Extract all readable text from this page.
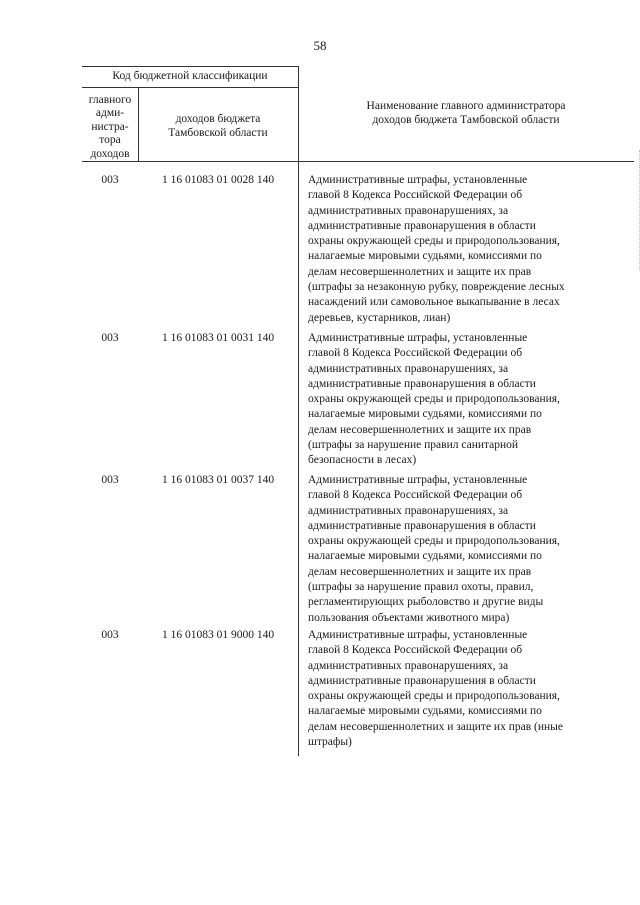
58
Код бюджетной классификации
главного
адми-
нистра-
тора
доходов
доходов бюджета
Тамбовской области
Наименование главного администратора
доходов бюджета Тамбовской области
003	1 16 01083 01 0028 140	Административные штрафы, установленные
главой 8 Кодекса Российской Федерации об
административных правонарушениях, за
административные правонарушения в области
охраны окружающей среды и природопользования,
налагаемые мировыми судьями, комиссиями по
делам несовершеннолетних и защите их прав
(штрафы за незаконную рубку, повреждение лесных
насаждений или самовольное выкапывание в лесах
деревьев, кустарников, лиан)
003	1 16 01083 01 0031 140	Административные штрафы, установленные
главой 8 Кодекса Российской Федерации об
административных правонарушениях, за
административные правонарушения в области
охраны окружающей среды и природопользования,
налагаемые мировыми судьями, комиссиями по
делам несовершеннолетних и защите их прав
(штрафы за нарушение правил санитарной
безопасности в лесах)
003	1 16 01083 01 0037 140	Административные штрафы, установленные
главой 8 Кодекса Российской Федерации об
административных правонарушениях, за
административные правонарушения в области
охраны окружающей среды и природопользования,
налагаемые мировыми судьями, комиссиями по
делам несовершеннолетних и защите их прав
(штрафы за нарушение правил охоты, правил,
регламентирующих рыболовство и другие виды
пользования объектами животного мира)
003	1 16 01083 01 9000 140	Административные штрафы, установленные
главой 8 Кодекса Российской Федерации об
административных правонарушениях, за
административные правонарушения в области
охраны окружающей среды и природопользования,
налагаемые мировыми судьями, комиссиями по
делам несовершеннолетних и защите их прав (иные
штрафы)
